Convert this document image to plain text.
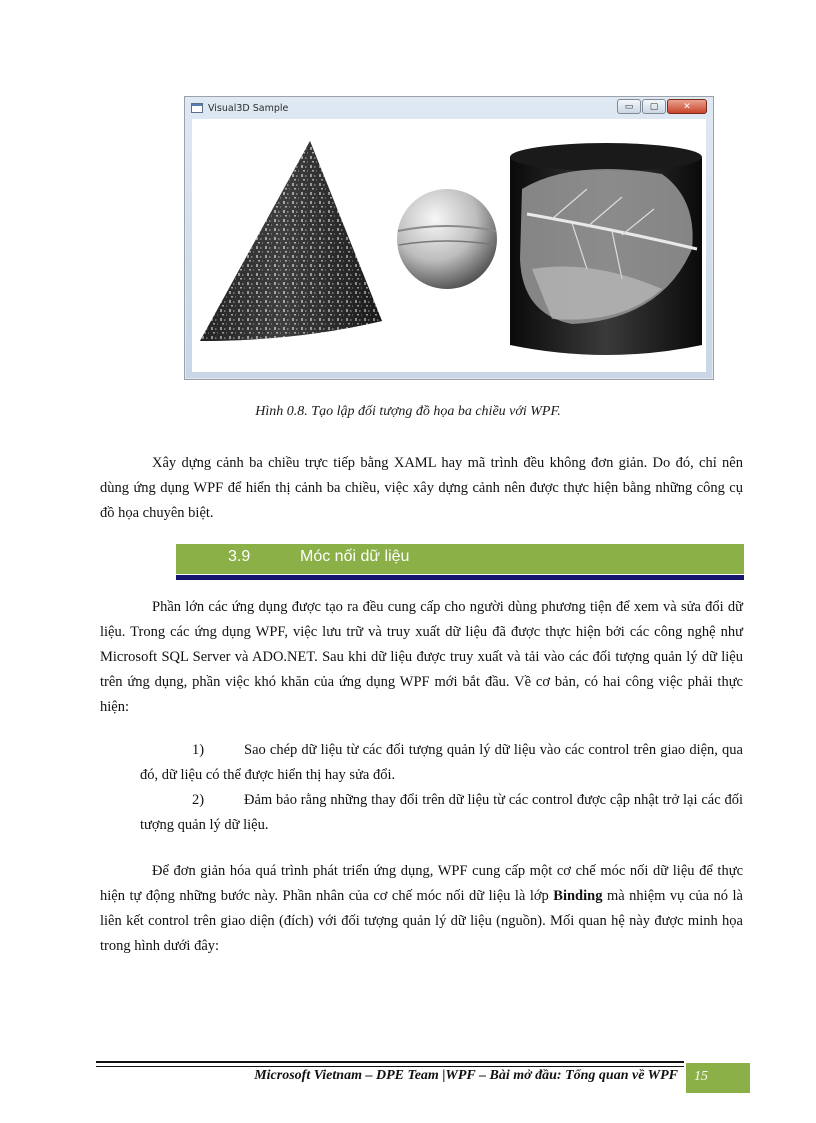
Visual3D Sample	▭	▢	✕
Hình 0.8. Tạo lập đối tượng đồ họa ba chiều với WPF.

Xây dựng cảnh ba chiều trực tiếp bằng XAML hay mã trình đều không đơn giản. Do đó, chỉ nên dùng ứng dụng WPF để hiển thị cảnh ba chiều, việc xây dựng cảnh nên được thực hiện bằng những công cụ đồ họa chuyên biệt.

3.9	Móc nối dữ liệu

Phần lớn các ứng dụng được tạo ra đều cung cấp cho người dùng phương tiện để xem và sửa đổi dữ liệu. Trong các ứng dụng WPF, việc lưu trữ và truy xuất dữ liệu đã được thực hiện bởi các công nghệ như Microsoft SQL Server và ADO.NET. Sau khi dữ liệu được truy xuất và tải vào các đối tượng quản lý dữ liệu trên ứng dụng, phần việc khó khăn của ứng dụng WPF mới bắt đầu. Về cơ bản, có hai công việc phải thực hiện:

1)	Sao chép dữ liệu từ các đối tượng quản lý dữ liệu vào các control trên giao diện, qua đó, dữ liệu có thể được hiển thị hay sửa đổi.
2)	Đảm bảo rằng những thay đổi trên dữ liệu từ các control được cập nhật trở lại các đối tượng quản lý dữ liệu.

Để đơn giản hóa quá trình phát triển ứng dụng, WPF cung cấp một cơ chế móc nối dữ liệu để thực hiện tự động những bước này. Phần nhân của cơ chế móc nối dữ liệu là lớp Binding mà nhiệm vụ của nó là liên kết control trên giao diện (đích) với đối tượng quản lý dữ liệu (nguồn). Mối quan hệ này được minh họa trong hình dưới đây:

Microsoft Vietnam – DPE Team |WPF – Bài mở đầu: Tổng quan về WPF	15
